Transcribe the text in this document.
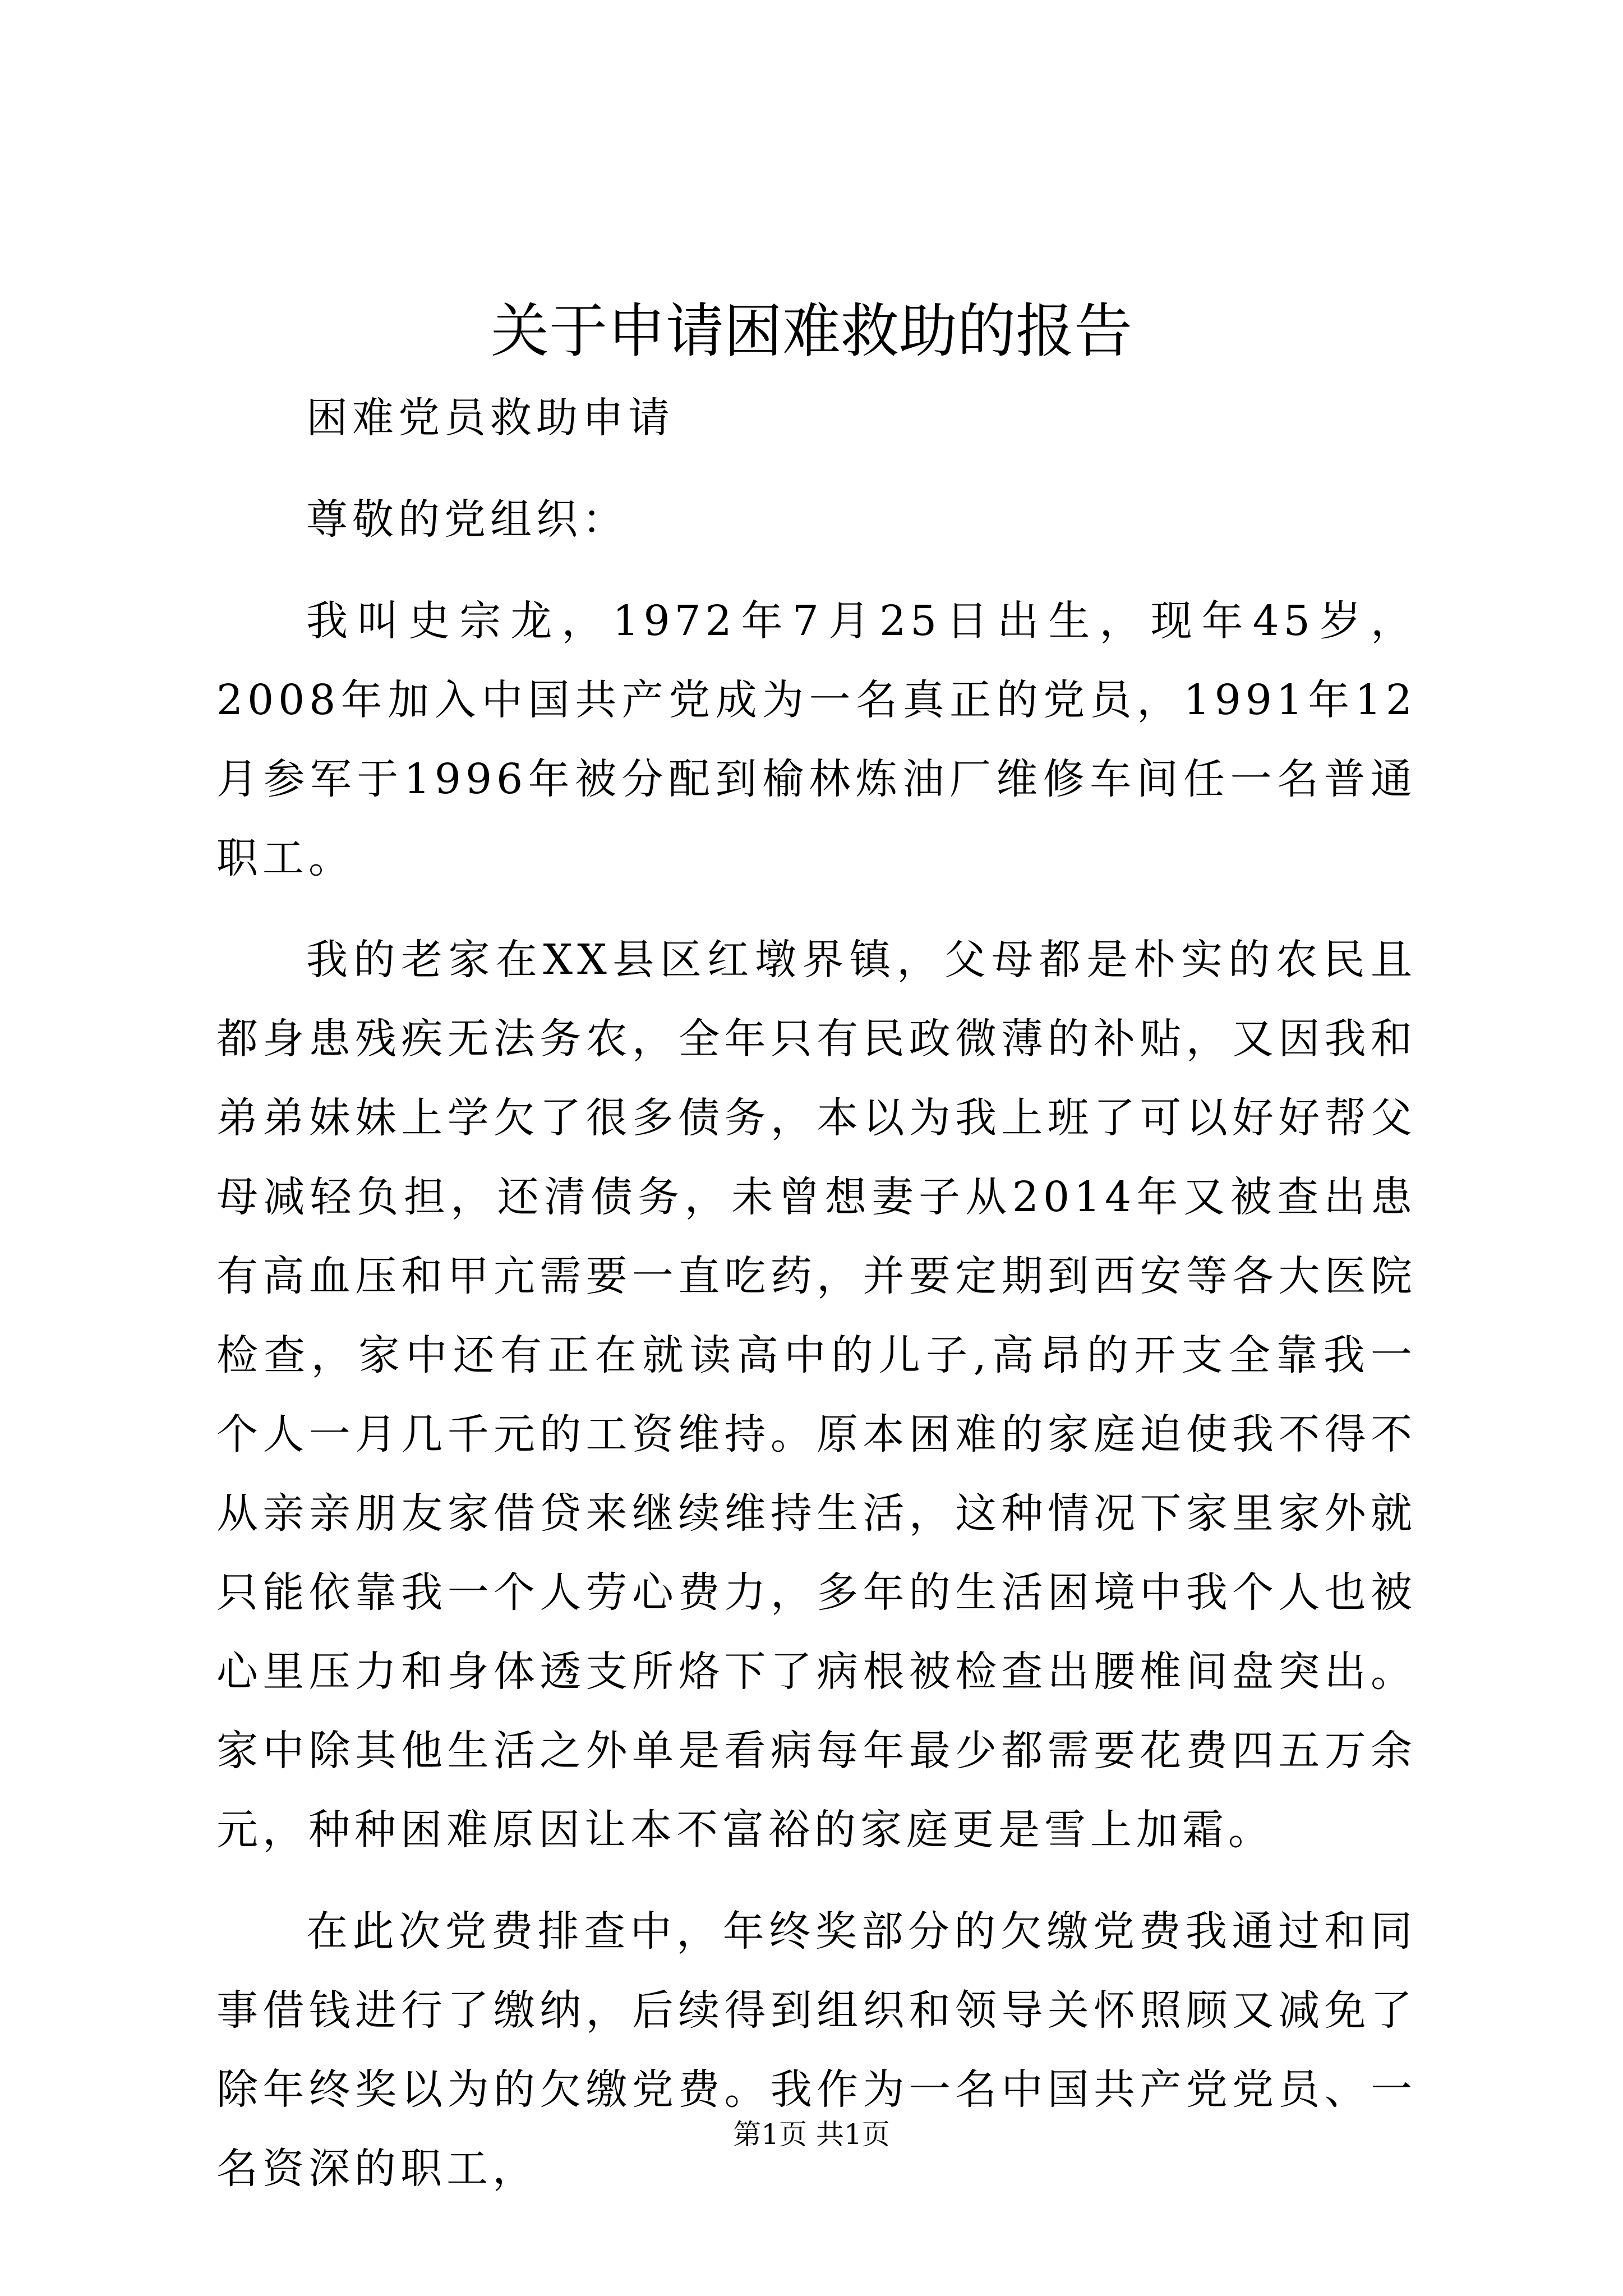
关于申请困难救助的报告

困难党员救助申请

尊敬的党组织：

我叫史宗龙，1972年7月25日出生，现年45岁，2008年加入中国共产党成为一名真正的党员，1991年12月参军于1996年被分配到榆林炼油厂维修车间任一名普通职工。

我的老家在XX县区红墩界镇，父母都是朴实的农民且都身患残疾无法务农，全年只有民政微薄的补贴，又因我和弟弟妹妹上学欠了很多债务，本以为我上班了可以好好帮父母减轻负担，还清债务，未曾想妻子从2014年又被查出患有高血压和甲亢需要一直吃药，并要定期到西安等各大医院检查，家中还有正在就读高中的儿子,高昂的开支全靠我一个人一月几千元的工资维持。原本困难的家庭迫使我不得不从亲亲朋友家借贷来继续维持生活，这种情况下家里家外就只能依靠我一个人劳心费力，多年的生活困境中我个人也被心里压力和身体透支所烙下了病根被检查出腰椎间盘突出。家中除其他生活之外单是看病每年最少都需要花费四五万余元，种种困难原因让本不富裕的家庭更是雪上加霜。

在此次党费排查中，年终奖部分的欠缴党费我通过和同事借钱进行了缴纳，后续得到组织和领导关怀照顾又减免了除年终奖以为的欠缴党费。我作为一名中国共产党党员、一名资深的职工，

第1页 共1页
